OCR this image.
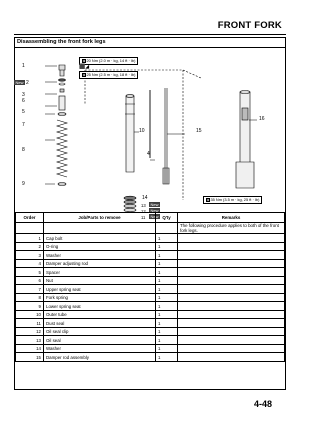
FRONT FORK
Disassembling the front fork legs
⚙20 Nm (2.0 m · kg, 14 ft · Ib)
⚙25 Nm (2.5 m · kg, 18 ft · Ib)
⚙35 Nm (3.5 m · kg, 25 ft · Ib)
⬛◢
1
New 2
3
6
5
7
8
9
10
4
15
16
14
13	New
12	New
11	New
Order	Job/Parts to remove	Q'ty	Remarks
			The following procedure applies to both of the front fork legs.
1	Cap bolt	1	
2	O-ring	1	
3	Washer	1	
4	Damper adjusting rod	1	
5	Spacer	1	
6	Nut	1	
7	Upper spring seat	1	
8	Fork spring	1	
9	Lower spring seat	1	
10	Outer tube	1	
11	Dust seal	1	
12	Oil seal clip	1	
13	Oil seal	1	
14	Washer	1	
15	Damper rod assembly	1	
4-48
